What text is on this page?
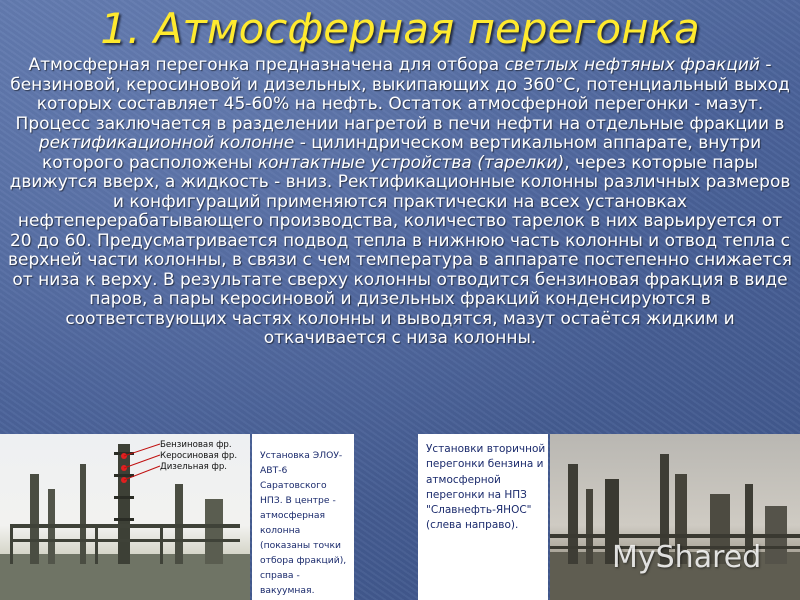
1. Атмосферная перегонка
Атмосферная перегонка предназначена для отбора светлых нефтяных фракций - бензиновой, керосиновой и дизельных, выкипающих до 360°С, потенциальный выход которых составляет 45-60% на нефть. Остаток атмосферной перегонки - мазут. Процесс заключается в разделении нагретой в печи нефти на отдельные фракции в ректификационной колонне - цилиндрическом вертикальном аппарате, внутри которого расположены контактные устройства (тарелки), через которые пары движутся вверх, а жидкость - вниз. Ректификационные колонны различных размеров и конфигураций применяются практически на всех установках нефтеперерабатывающего производства, количество тарелок в них варьируется от 20 до 60. Предусматривается подвод тепла в нижнюю часть колонны и отвод тепла с верхней части колонны, в связи с чем температура в аппарате постепенно снижается от низа к верху. В результате сверху колонны отводится бензиновая фракция в виде паров, а пары керосиновой и дизельных фракций конденсируются в соответствующих частях колонны и выводятся, мазут остаётся жидким и откачивается с низа колонны.
Бензиновая фр.
Керосиновая фр.
Дизельная фр.

Установка ЭЛОУ-АВТ-6 Саратовского НПЗ. В центре - атмосферная колонна (показаны точки отбора фракций), справа - вакуумная.

Установки вторичной перегонки бензина и атмосферной перегонки на НПЗ "Славнефть-ЯНОС" (слева направо).

MyShared
